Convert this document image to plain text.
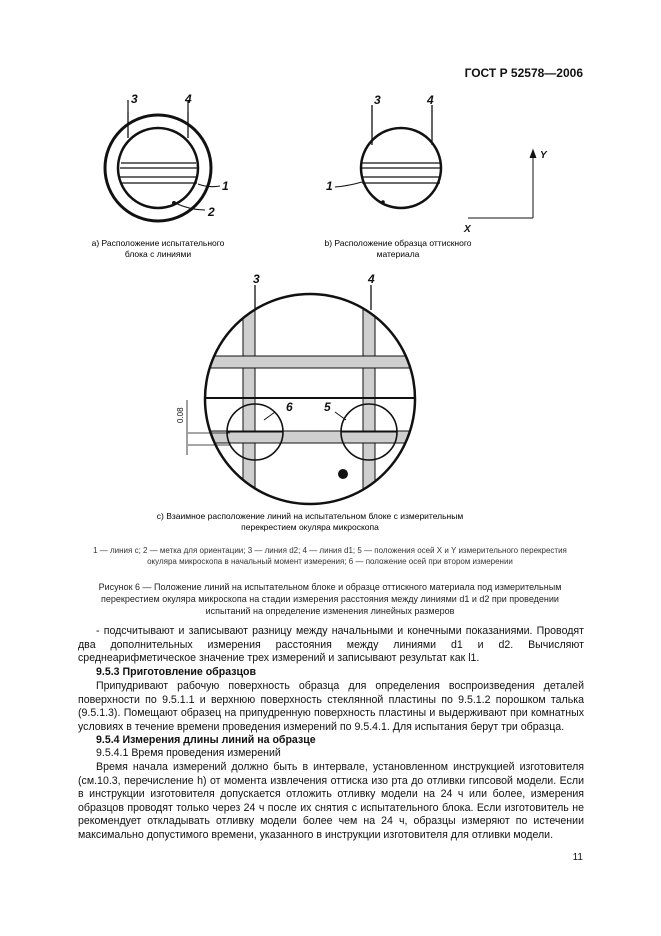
ГОСТ Р 52578—2006
3	4
1
2
3	4
1
Y
X
3	4
6	5
0.08
a) Расположение испытательного
блока с линиями
b) Расположение образца оттискного
материала
c) Взаимное расположение линий на испытательном блоке с измерительным
перекрестием окуляра микроскопа
1 — линия с; 2 — метка для ориентации; 3 — линия d2; 4 — линия d1; 5 — положения осей X и Y измерительного перекрестия
окуляра микроскопа в начальный момент измерения; 6 — положение осей при втором измерении
Рисунок 6 — Положение линий на испытательном блоке и образце оттискного материала под измерительным
перекрестием окуляра микроскопа на стадии измерения расстояния между линиями d1 и d2 при проведении
испытаний на определение изменения линейных размеров
- подсчитывают и записывают разницу между начальными и конечными показаниями. Проводят два дополнительных измерения расстояния между линиями d1 и d2. Вычисляют среднеарифметическое значение трех измерений и записывают результат как l1.
9.5.3 Приготовление образцов
Припудривают рабочую поверхность образца для определения воспроизведения деталей поверхности по 9.5.1.1 и верхнюю поверхность стеклянной пластины по 9.5.1.2 порошком талька (9.5.1.3). Помещают образец на припудренную поверхность пластины и выдерживают при комнатных условиях в течение времени проведения измерений по 9.5.4.1. Для испытания берут три образца.
9.5.4 Измерения длины линий на образце
9.5.4.1 Время проведения измерений
Время начала измерений должно быть в интервале, установленном инструкцией изготовителя (см.10.3, перечисление h) от момента извлечения оттиска изо рта до отливки гипсовой модели. Если в инструкции изготовителя допускается отложить отливку модели на 24 ч или более, измерения образцов проводят только через 24 ч после их снятия с испытательного блока. Если изготовитель не рекомендует откладывать отливку модели более чем на 24 ч, образцы измеряют по истечении максимально допустимого времени, указанного в инструкции изготовителя для отливки модели.
11
